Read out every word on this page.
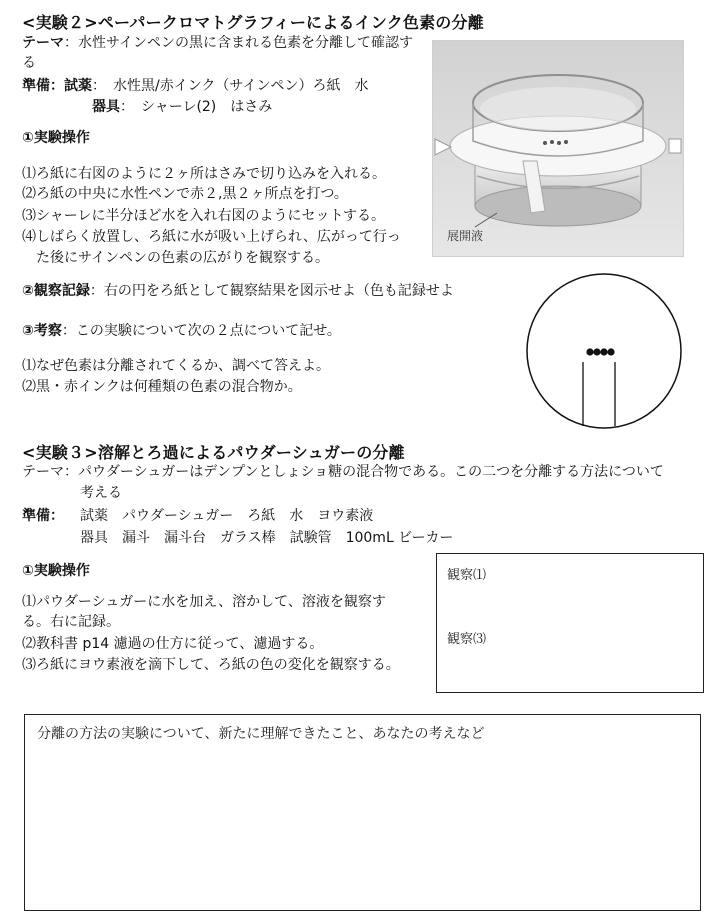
<実験２>ペーパークロマトグラフィーによるインク色素の分離
テーマ：水性サインペンの黒に含まれる色素を分離して確認す
る
準備：試薬：　水性黒/赤インク（サインペン）ろ紙　水
器具：　シャーレ(2)　はさみ
①実験操作
⑴ろ紙に右図のように２ヶ所はさみで切り込みを入れる。
⑵ろ紙の中央に水性ペンで赤２,黒２ヶ所点を打つ。
⑶シャーレに半分ほど水を入れ右図のようにセットする。
⑷しばらく放置し、ろ紙に水が吸い上げられ、広がって行っ
　た後にサインペンの色素の広がりを観察する。
展開液
②観察記録：右の円をろ紙として観察結果を図示せよ（色も記録せよ
③考察：この実験について次の２点について記せ。
⑴なぜ色素は分離されてくるか、調べて答えよ。
⑵黒・赤インクは何種類の色素の混合物か。
<実験３>溶解とろ過によるパウダーシュガーの分離
テーマ：パウダーシュガーはデンプンとしょショ糖の混合物である。この二つを分離する方法について
考える
準備： 試薬　パウダーシュガー　ろ紙　水　ヨウ素液
器具　漏斗　漏斗台　ガラス棒　試験管　100mL ビーカー
①実験操作
⑴パウダーシュガーに水を加え、溶かして、溶液を観察す
る。右に記録。
⑵教科書 p14 濾過の仕方に従って、濾過する。
⑶ろ紙にヨウ素液を滴下して、ろ紙の色の変化を観察する。
観察⑴
観察⑶
分離の方法の実験について、新たに理解できたこと、あなたの考えなど
